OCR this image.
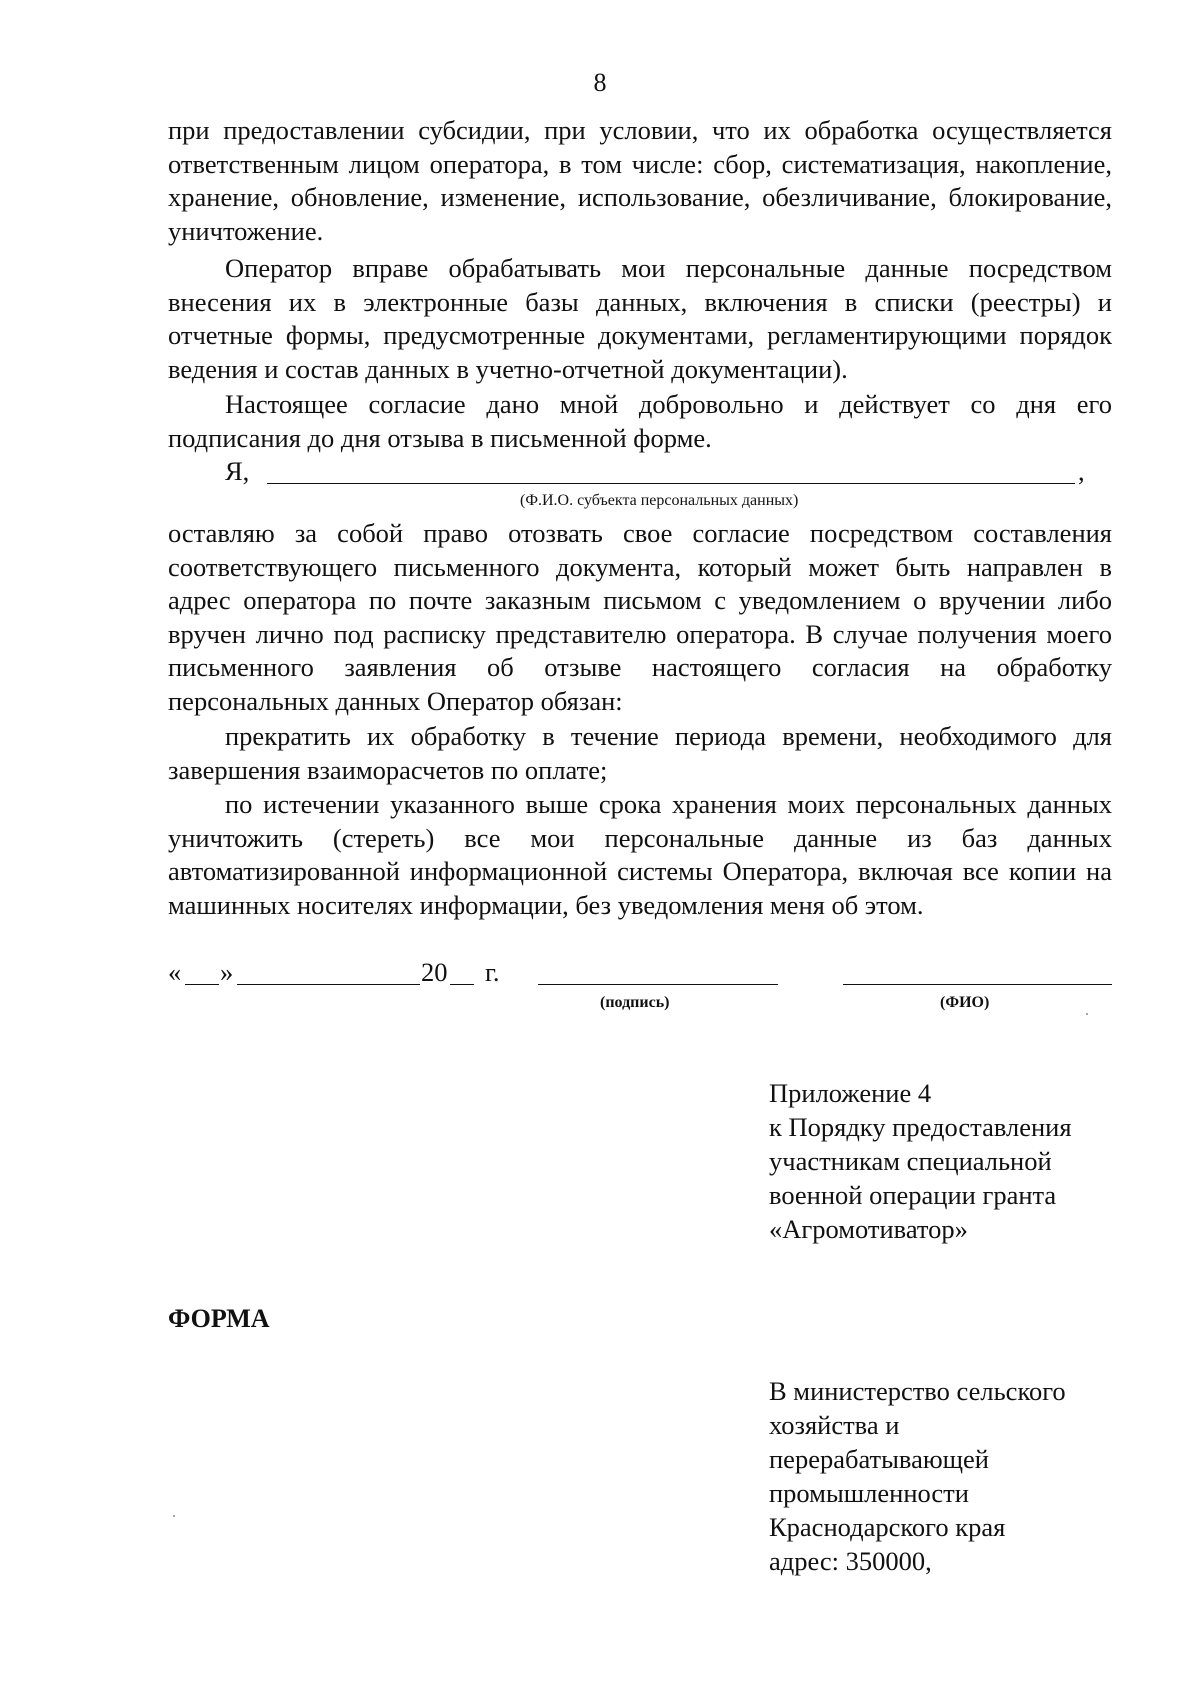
8

при предоставлении субсидии, при условии, что их обработка осуществляется ответственным лицом оператора, в том числе: сбор, систематизация, накопление, хранение, обновление, изменение, использование, обезличивание, блокирование, уничтожение.

Оператор вправе обрабатывать мои персональные данные посредством внесения их в электронные базы данных, включения в списки (реестры) и отчетные формы, предусмотренные документами, регламентирующими порядок ведения и состав данных в учетно-отчетной документации).

Настоящее согласие дано мной добровольно и действует со дня его подписания до дня отзыва в письменной форме.

Я,	,
(Ф.И.О. субъекта персональных данных)

оставляю за собой право отозвать свое согласие посредством составления соответствующего письменного документа, который может быть направлен в адрес оператора по почте заказным письмом с уведомлением о вручении либо вручен лично под расписку представителю оператора. В случае получения моего письменного заявления об отзыве настоящего согласия на обработку персональных данных Оператор обязан:

прекратить их обработку в течение периода времени, необходимого для завершения взаиморасчетов по оплате;

по истечении указанного выше срока хранения моих персональных данных уничтожить (стереть) все мои персональные данные из баз данных автоматизированной информационной системы Оператора, включая все копии на машинных носителях информации, без уведомления меня об этом.

« »	20 г.
(подпись)	(ФИО)
Приложение 4
к Порядку предоставления
участникам специальной
военной операции гранта
«Агромотиватор»
ФОРМА
В министерство сельского
хозяйства и
перерабатывающей
промышленности
Краснодарского края
адрес: 350000,
